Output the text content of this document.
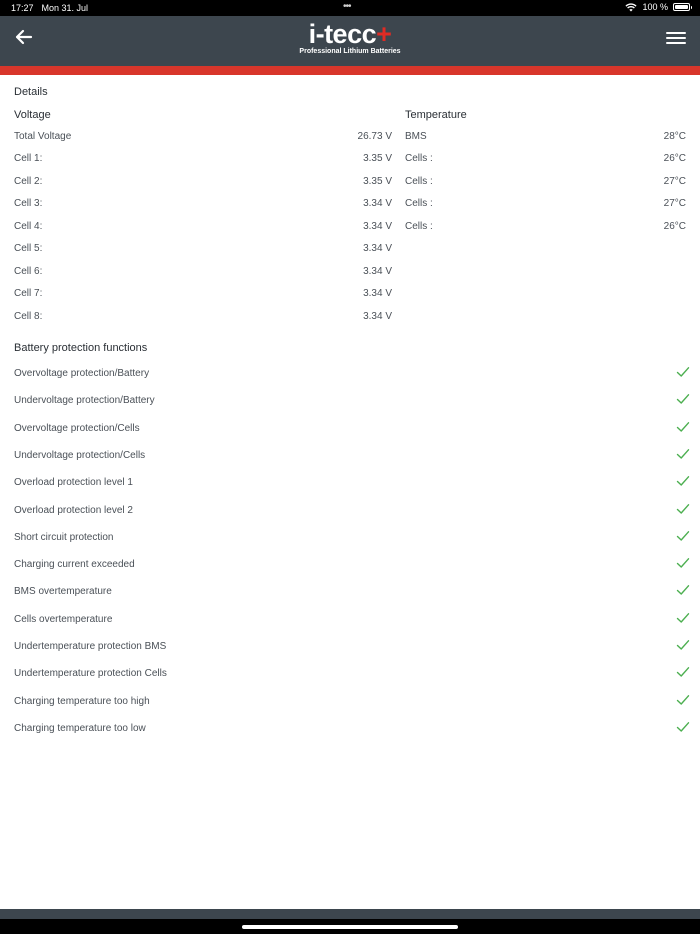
17:27 Mon 31. Jul	•••	100 %
i-tecc+
Professional Lithium Batteries
Details
Voltage
Total Voltage	26.73 V
Cell 1:	3.35 V
Cell 2:	3.35 V
Cell 3:	3.34 V
Cell 4:	3.34 V
Cell 5:	3.34 V
Cell 6:	3.34 V
Cell 7:	3.34 V
Cell 8:	3.34 V
Temperature
BMS	28°C
Cells :	26°C
Cells :	27°C
Cells :	27°C
Cells :	26°C
Battery protection functions
Overvoltage protection/Battery
Undervoltage protection/Battery
Overvoltage protection/Cells
Undervoltage protection/Cells
Overload protection level 1
Overload protection level 2
Short circuit protection
Charging current exceeded
BMS overtemperature
Cells overtemperature
Undertemperature protection BMS
Undertemperature protection Cells
Charging temperature too high
Charging temperature too low
